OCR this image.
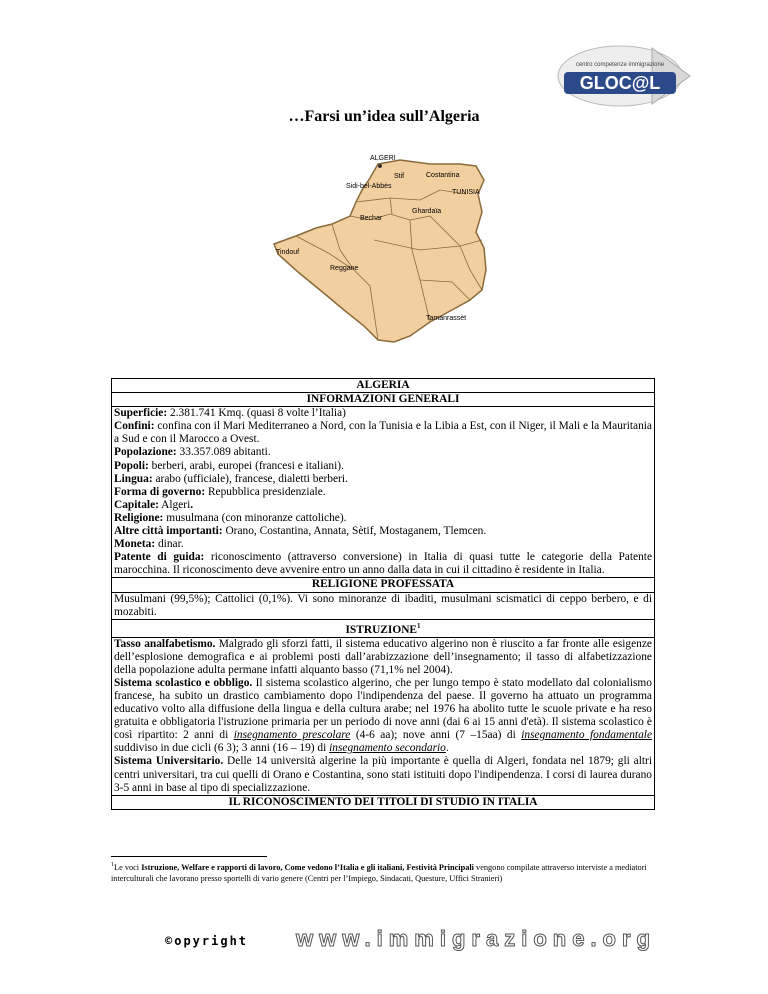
centro competenze immigrazione
GLOC@L
…Farsi un’idea sull’Algeria
ALGERI
Stif	Costantina
Sidi-bel-Abbès
TUNISIA
Ghardaïa
Bechar
Tindouf
Reggane
Tamanrassèt
ALGERIA
INFORMAZIONI GENERALI

Superficie: 2.381.741 Kmq. (quasi 8 volte l’Italia)
Confini: confina con il Mari Mediterraneo a Nord, con la Tunisia e la Libia a Est, con il Niger, il Mali e la Mauritania a Sud e con il Marocco a Ovest.
Popolazione: 33.357.089 abitanti.
Popoli: berberi, arabi, europei (francesi e italiani).
Lingua: arabo (ufficiale), francese, dialetti berberi.
Forma di governo: Repubblica presidenziale.
Capitale: Algeri.
Religione: musulmana (con minoranze cattoliche).
Altre città importanti: Orano, Costantina, Annata, Sètif, Mostaganem, Tlemcen.
Moneta: dinar.
Patente di guida: riconoscimento (attraverso conversione) in Italia di quasi tutte le categorie della Patente marocchina. Il riconoscimento deve avvenire entro un anno dalla data in cui il cittadino è residente in Italia.

RELIGIONE PROFESSATA
Musulmani (99,5%); Cattolici (0,1%). Vi sono minoranze di ibaditi, musulmani scismatici di ceppo berbero, e di mozabiti.
ISTRUZIONE$^1$

Tasso analfabetismo. Malgrado gli sforzi fatti, il sistema educativo algerino non è riuscito a far fronte alle esigenze dell’esplosione demografica e ai problemi posti dall’arabizzazione dell’insegnamento; il tasso di alfabetizzazione della popolazione adulta permane infatti alquanto basso (71,1% nel 2004).
Sistema scolastico e obbligo. Il sistema scolastico algerino, che per lungo tempo è stato modellato dal colonialismo francese, ha subito un drastico cambiamento dopo l'indipendenza del paese. Il governo ha attuato un programma educativo volto alla diffusione della lingua e della cultura arabe; nel 1976 ha abolito tutte le scuole private e ha reso gratuita e obbligatoria l'istruzione primaria per un periodo di nove anni (dai 6 ai 15 anni d'età). Il sistema scolastico è così ripartito: 2 anni di insegnamento prescolare (4-6 aa); nove anni (7 –15aa) di insegnamento fondamentale suddiviso in due cicli (6 3); 3 anni (16 – 19) di insegnamento secondario.
Sistema Universitario. Delle 14 università algerine la più importante è quella di Algeri, fondata nel 1879; gli altri centri universitari, tra cui quelli di Orano e Costantina, sono stati istituiti dopo l'indipendenza. I corsi di laurea durano 3-5 anni in base al tipo di specializzazione.

IL RICONOSCIMENTO DEI TITOLI DI STUDIO IN ITALIA
$^1$Le voci Istruzione, Welfare e rapporti di lavoro, Come vedono l’Italia e gli italiani, Festività Principali vengono compilate attraverso interviste a mediatori interculturali che lavorano presso sportelli di vario genere (Centri per l’Impiego, Sindacati, Questure, Uffici Stranieri)
©opyright www.immigrazione.org
